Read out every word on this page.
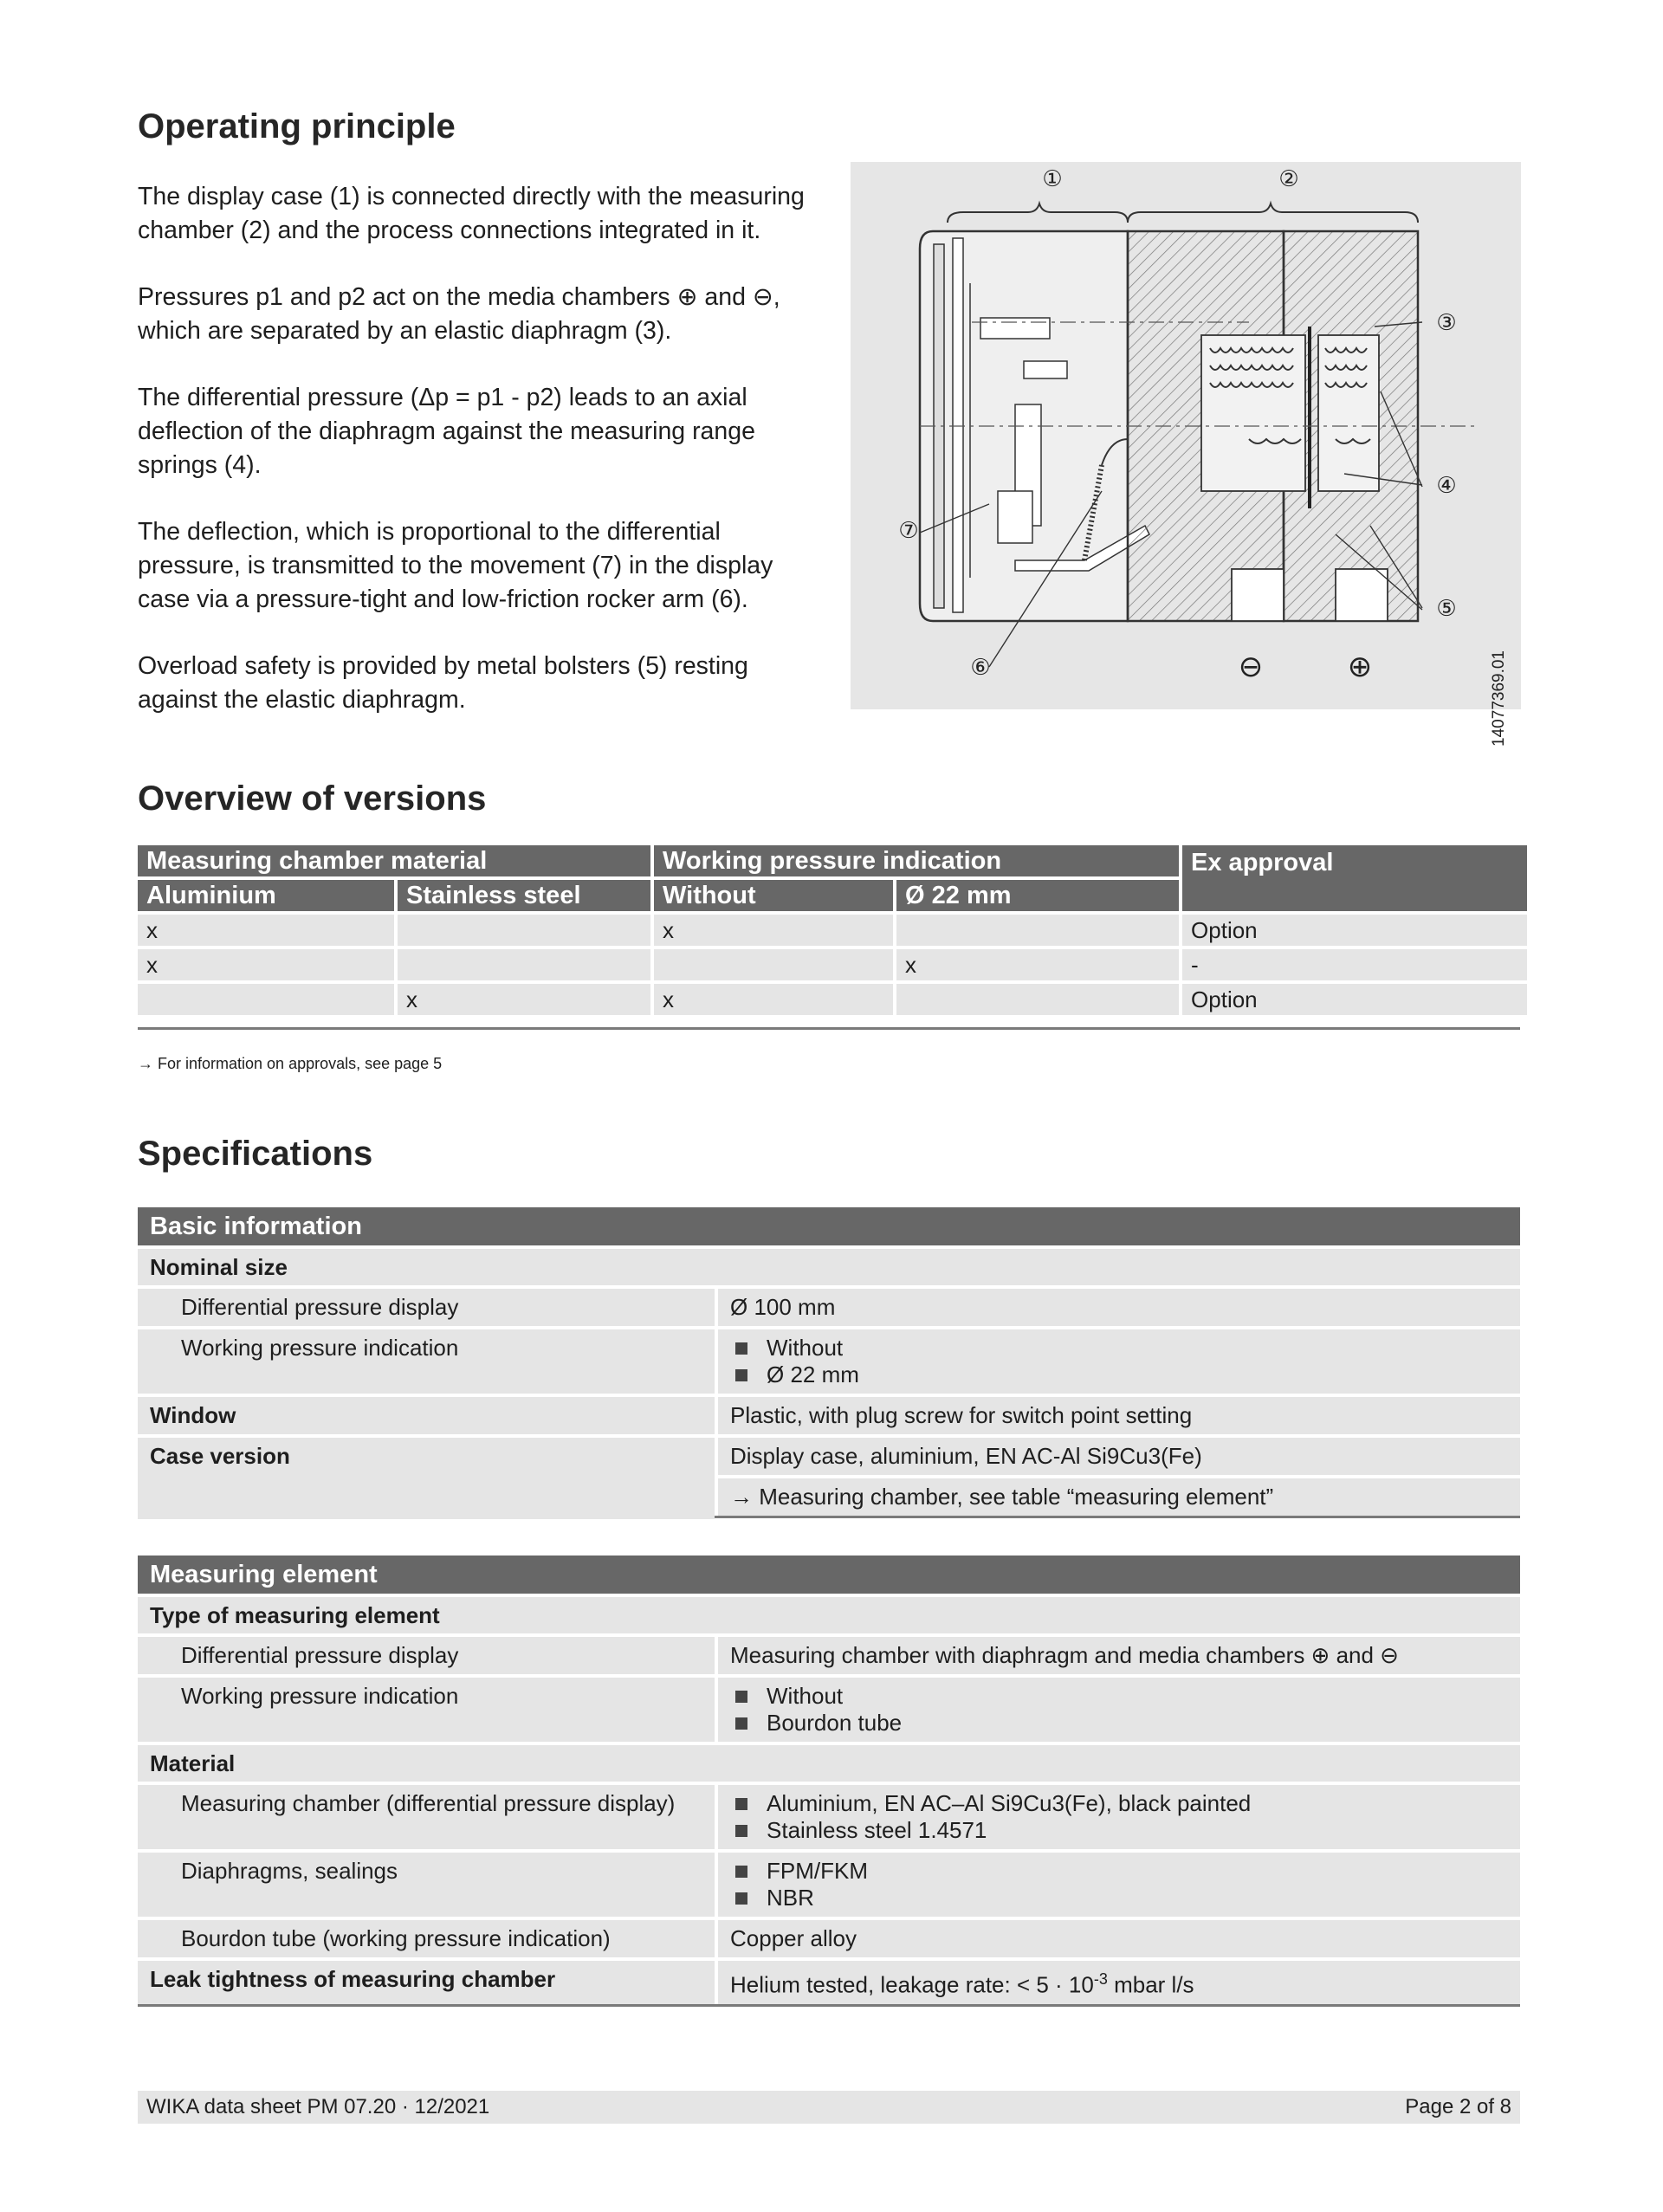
Operating principle

The display case (1) is connected directly with the measuring chamber (2) and the process connections integrated in it.

Pressures p1 and p2 act on the media chambers ⊕ and ⊖, which are separated by an elastic diaphragm (3).

The differential pressure (Δp = p1 - p2) leads to an axial deflection of the diaphragm against the measuring range springs (4).

The deflection, which is proportional to the differential pressure, is transmitted to the movement (7) in the display case via a pressure-tight and low-friction rocker arm (6).

Overload safety is provided by metal bolsters (5) resting against the elastic diaphragm.

①	②
③
④
⑤
⑥
⑦
⊖	⊕	14077369.01
Overview of versions
Measuring chamber material		Working pressure indication		Ex approval
Aluminium	Stainless steel	Without	Ø 22 mm	
x		x		Option
x			x	-
	x	x		Option
→ For information on approvals, see page 5
Specifications
Basic information
Nominal size
Differential pressure display	Ø 100 mm
Working pressure indication	Without
Ø 22 mm
Window	Plastic, with plug screw for switch point setting
Case version	Display case, aluminium, EN AC-Al Si9Cu3(Fe)
→ Measuring chamber, see table “measuring element”
Measuring element
Type of measuring element
Differential pressure display	Measuring chamber with diaphragm and media chambers ⊕ and ⊖
Working pressure indication	Without
Bourdon tube
Material
Measuring chamber (differential pressure display)	Aluminium, EN AC–Al Si9Cu3(Fe), black painted
Stainless steel 1.4571
Diaphragms, sealings	FPM/FKM
NBR
Bourdon tube (working pressure indication)	Copper alloy
Leak tightness of measuring chamber	Helium tested, leakage rate: < $5 \cdot 10^{-3}$ mbar l/s
WIKA data sheet PM 07.20 · 12/2021	Page 2 of 8
